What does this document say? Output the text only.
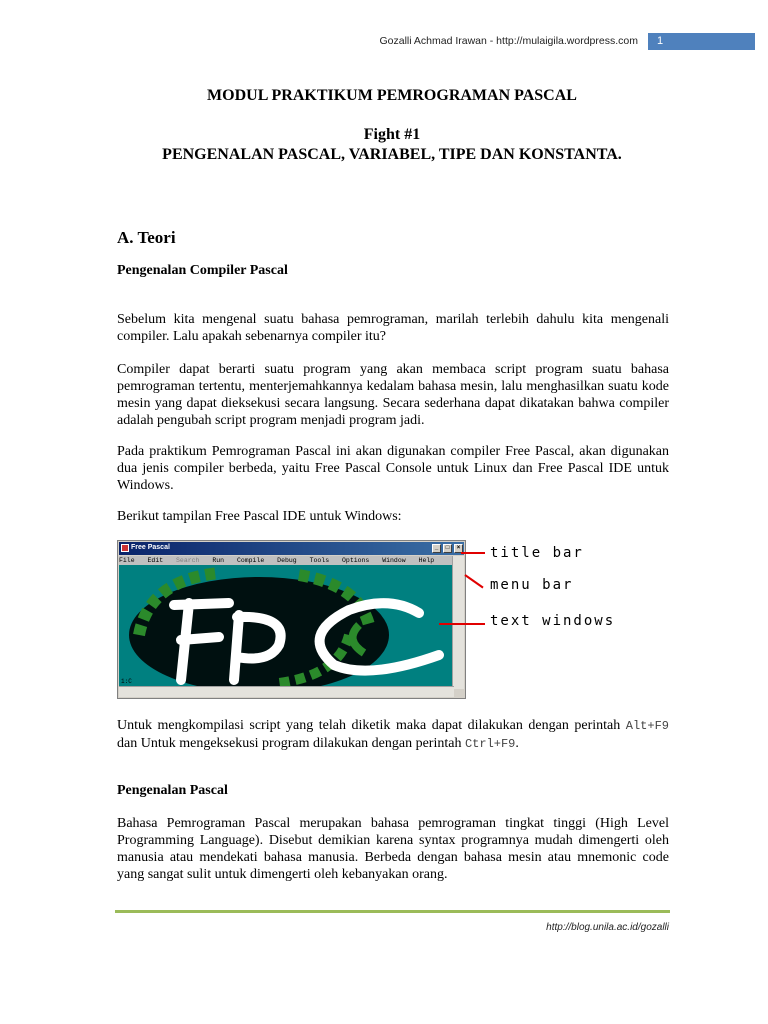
Gozalli Achmad Irawan - http://mulaigila.wordpress.com 1
MODUL PRAKTIKUM PEMROGRAMAN PASCAL
Fight #1
PENGENALAN PASCAL, VARIABEL, TIPE DAN KONSTANTA.
A. Teori
Pengenalan Compiler Pascal

Sebelum kita mengenal suatu bahasa pemrograman, marilah terlebih dahulu kita mengenali compiler. Lalu apakah sebenarnya compiler itu?

Compiler dapat berarti suatu program yang akan membaca script program suatu bahasa pemrograman tertentu, menterjemahkannya kedalam bahasa mesin, lalu menghasilkan suatu kode mesin yang dapat dieksekusi secara langsung. Secara sederhana dapat dikatakan bahwa compiler adalah pengubah script program menjadi program jadi.

Pada praktikum Pemrograman Pascal ini akan digunakan compiler Free Pascal, akan digunakan dua jenis compiler berbeda, yaitu Free Pascal Console untuk Linux dan Free Pascal IDE untuk Windows.

Berikut tampilan Free Pascal IDE untuk Windows:

Free Pascal	_	□	×
File Edit Search Run Compile Debug Tools Options Window Help
1:C
title bar
menu bar
text windows

Untuk mengkompilasi script yang telah diketik maka dapat dilakukan dengan perintah Alt+F9 dan Untuk mengeksekusi program dilakukan dengan perintah Ctrl+F9.

Pengenalan Pascal

Bahasa Pemrograman Pascal merupakan bahasa pemrograman tingkat tinggi (High Level Programming Language). Disebut demikian karena syntax programnya mudah dimengerti oleh manusia atau mendekati bahasa manusia. Berbeda dengan bahasa mesin atau mnemonic code yang sangat sulit untuk dimengerti oleh kebanyakan orang.

http://blog.unila.ac.id/gozalli
